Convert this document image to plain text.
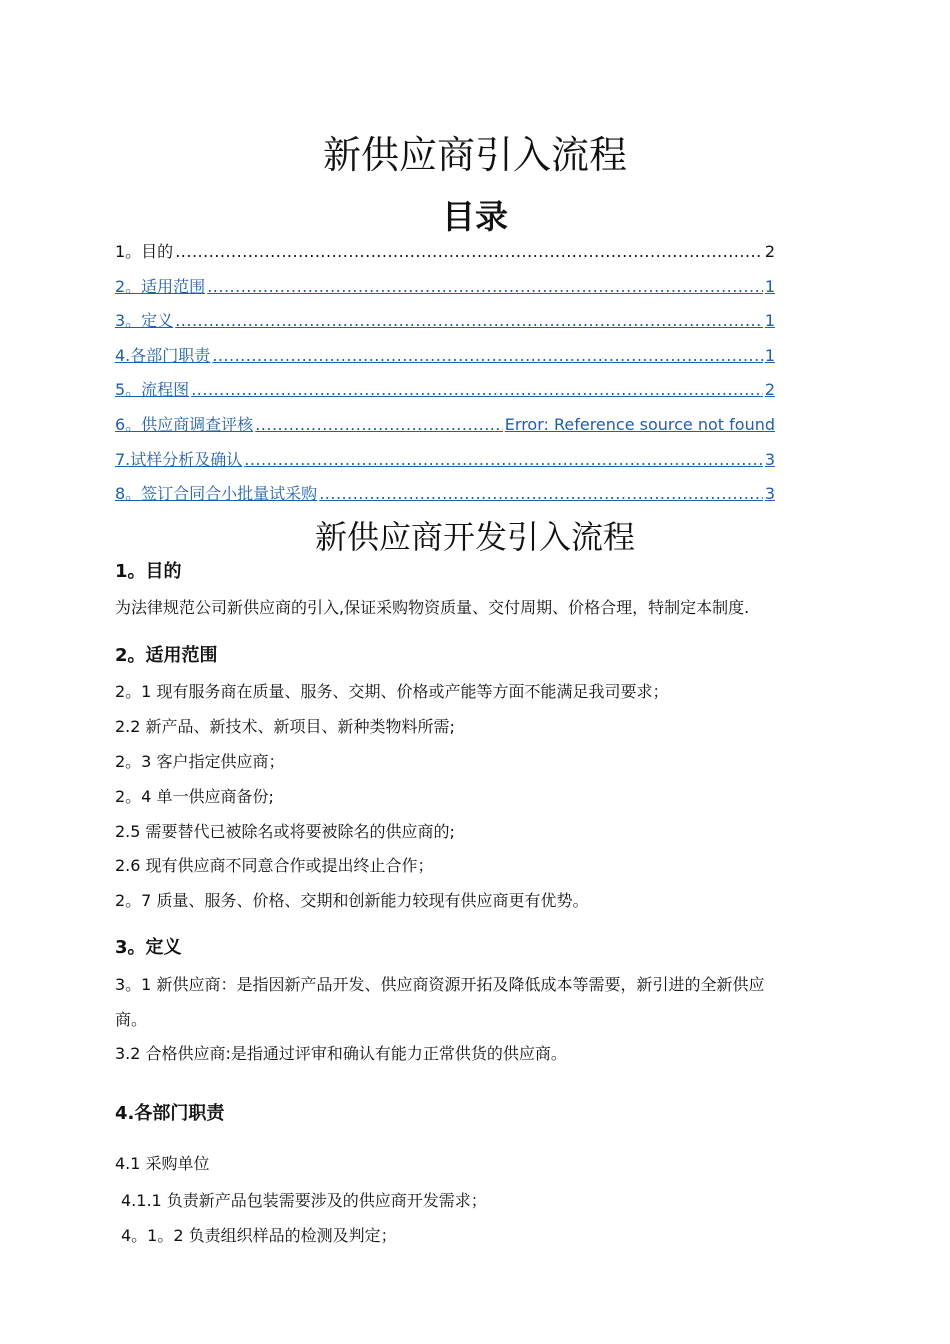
新供应商引入流程
目录
1。目的 .....	2
2。适用范围 .....	1
3。定义 .....	1
4.各部门职责 .....	1
5。流程图 .....	2
6。供应商调查评核 .....	Error: Reference source not found
7.试样分析及确认 .....	3
8。签订合同合小批量试采购 .....	3
新供应商开发引入流程
1。目的
为法律规范公司新供应商的引入,保证采购物资质量、交付周期、价格合理，特制定本制度.
2。适用范围
2。1 现有服务商在质量、服务、交期、价格或产能等方面不能满足我司要求；
2.2 新产品、新技术、新项目、新种类物料所需;
2。3 客户指定供应商；
2。4 单一供应商备份;
2.5 需要替代已被除名或将要被除名的供应商的;
2.6 现有供应商不同意合作或提出终止合作；
2。7 质量、服务、价格、交期和创新能力较现有供应商更有优势。
3。定义
3。1 新供应商：是指因新产品开发、供应商资源开拓及降低成本等需要，新引进的全新供应
商。
3.2 合格供应商:是指通过评审和确认有能力正常供货的供应商。
4.各部门职责
4.1 采购单位
4.1.1 负责新产品包装需要涉及的供应商开发需求；
4。1。2 负责组织样品的检测及判定；
